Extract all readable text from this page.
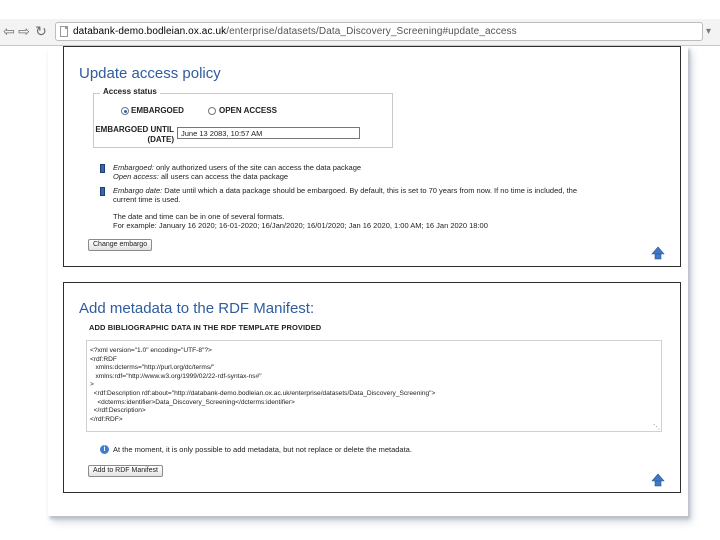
⇦ ⇨ ↻	databank-demo.bodleian.ox.ac.uk/enterprise/datasets/Data_Discovery_Screening#update_access	▾
Update access policy
Access status
EMBARGOED	OPEN ACCESS
EMBARGOED UNTIL
(DATE)
June 13 2083, 10:57 AM
Embargoed: only authorized users of the site can access the data package
Open access: all users can access the data package
Embargo date: Date until which a data package should be embargoed. By default, this is set to 70 years from now. If no time is included, the
current time is used.
The date and time can be in one of several formats.
For example: January 16 2020; 16-01-2020; 16/Jan/2020; 16/01/2020; Jan 16 2020, 1:00 AM; 16 Jan 2020 18:00
Change embargo
Add metadata to the RDF Manifest:
ADD BIBLIOGRAPHIC DATA IN THE RDF TEMPLATE PROVIDED
⋱
<?xml version="1.0" encoding="UTF-8"?>
<rdf:RDF
xmlns:dcterms="http://purl.org/dc/terms/"
xmlns:rdf="http://www.w3.org/1999/02/22-rdf-syntax-ns#"
>
<rdf:Description rdf:about="http://databank-demo.bodleian.ox.ac.uk/enterprise/datasets/Data_Discovery_Screening">
<dcterms:identifier>Data_Discovery_Screening</dcterms:identifier>
</rdf:Description>
</rdf:RDF>
i	At the moment, it is only possible to add metadata, but not replace or delete the metadata.
Add to RDF Manifest
